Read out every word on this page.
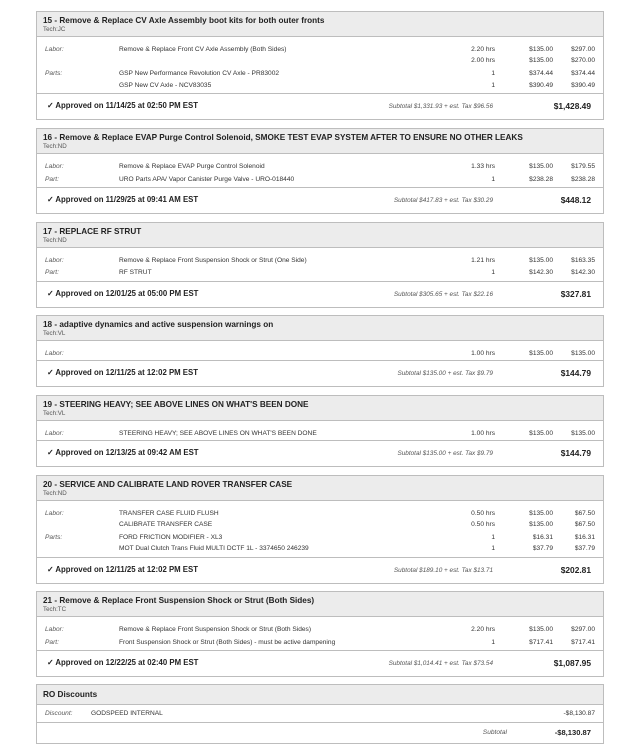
15 - Remove & Replace CV Axle Assembly boot kits for both outer fronts
Tech:JC
Labor:	Remove & Replace Front CV Axle Assembly (Both Sides)	2.20 hrs	$135.00	$297.00
2.00 hrs	$135.00	$270.00
Parts:	GSP New Performance Revolution CV Axle - PR83002	1	$374.44	$374.44
GSP New CV Axle - NCV83035	1	$390.49	$390.49
✓ Approved on 11/14/25 at 02:50 PM EST	Subtotal $1,331.93 + est. Tax $96.56	$1,428.49
16 - Remove & Replace EVAP Purge Control Solenoid, SMOKE TEST EVAP SYSTEM AFTER TO ENSURE NO OTHER LEAKS
Tech:ND
Labor:	Remove & Replace EVAP Purge Control Solenoid	1.33 hrs	$135.00	$179.55
Part:	URO Parts APA/ Vapor Canister Purge Valve - URO-018440	1	$238.28	$238.28
✓ Approved on 11/29/25 at 09:41 AM EST	Subtotal $417.83 + est. Tax $30.29	$448.12
17 - REPLACE RF STRUT
Tech:ND
Labor:	Remove & Replace Front Suspension Shock or Strut (One Side)	1.21 hrs	$135.00	$163.35
Part:	RF STRUT	1	$142.30	$142.30
✓ Approved on 12/01/25 at 05:00 PM EST	Subtotal $305.65 + est. Tax $22.16	$327.81
18 - adaptive dynamics and active suspension warnings on
Tech:VL
Labor:	1.00 hrs	$135.00	$135.00
✓ Approved on 12/11/25 at 12:02 PM EST	Subtotal $135.00 + est. Tax $9.79	$144.79
19 - STEERING HEAVY; SEE ABOVE LINES ON WHAT'S BEEN DONE
Tech:VL
Labor:	STEERING HEAVY; SEE ABOVE LINES ON WHAT'S BEEN DONE	1.00 hrs	$135.00	$135.00
✓ Approved on 12/13/25 at 09:42 AM EST	Subtotal $135.00 + est. Tax $9.79	$144.79
20 - SERVICE AND CALIBRATE LAND ROVER TRANSFER CASE
Tech:ND
Labor:	TRANSFER CASE FLUID FLUSH	0.50 hrs	$135.00	$67.50
CALIBRATE TRANSFER CASE	0.50 hrs	$135.00	$67.50
Parts:	FORD FRICTION MODIFIER - XL3	1	$16.31	$16.31
MOT Dual Clutch Trans Fluid MULTI DCTF 1L - 3374650 246239	1	$37.79	$37.79
✓ Approved on 12/11/25 at 12:02 PM EST	Subtotal $189.10 + est. Tax $13.71	$202.81
21 - Remove & Replace Front Suspension Shock or Strut (Both Sides)
Tech:TC
Labor:	Remove & Replace Front Suspension Shock or Strut (Both Sides)	2.20 hrs	$135.00	$297.00
Part:	Front Suspension Shock or Strut (Both Sides) - must be active dampening	1	$717.41	$717.41
✓ Approved on 12/22/25 at 02:40 PM EST	Subtotal $1,014.41 + est. Tax $73.54	$1,087.95
RO Discounts
Discount:	GODSPEED INTERNAL	-$8,130.87
Subtotal	-$8,130.87
